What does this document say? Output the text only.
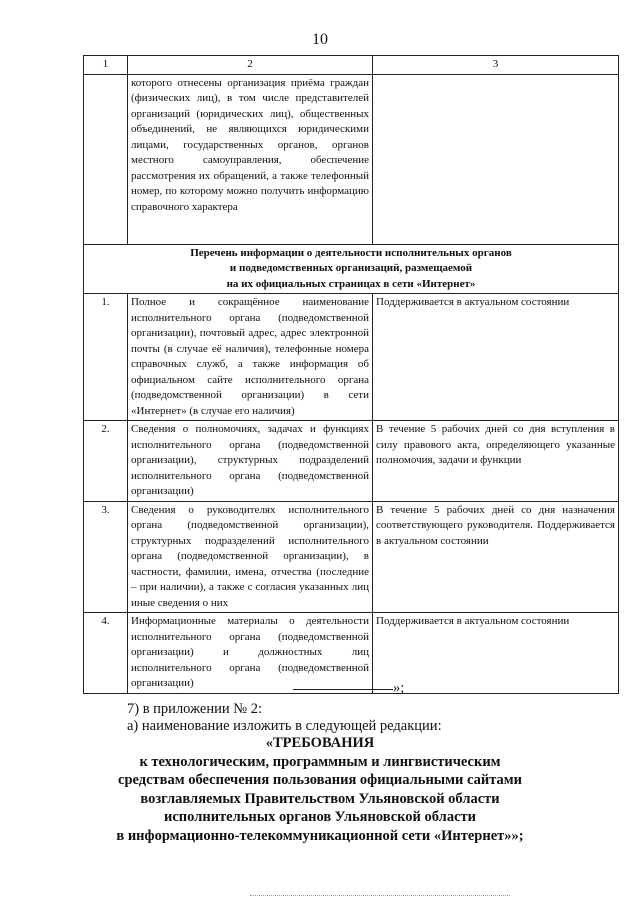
10
1	2	3
	которого отнесены организация приёма граждан (физических лиц), в том числе представителей организаций (юридических лиц), общественных объединений, не являющихся юридическими лицами, государственных органов, органов местного самоуправления, обеспечение рассмотрения их обращений, а также телефонный номер, по которому можно получить информацию справочного характера	

Перечень информации о деятельности исполнительных органов
и подведомственных организаций, размещаемой
на их официальных страницах в сети «Интернет»		

1.	Полное и сокращённое наименование исполнительного органа (подведомственной организации), почтовый адрес, адрес электронной почты (в случае её наличия), телефонные номера справочных служб, а также информация об официальном сайте исполнительного органа (подведомственной организации) в сети «Интернет» (в случае его наличия)	Поддерживается в актуальном состоянии
2.	Сведения о полномочиях, задачах и функциях исполнительного органа (подведомственной организации), структурных подразделений исполнительного органа (подведомственной организации)	В течение 5 рабочих дней со дня вступления в силу правового акта, определяющего указанные полномочия, задачи и функции
3.	Сведения о руководителях исполнительного органа (подведомственной организации), структурных подразделений исполнительного органа (подведомственной организации), в частности, фамилии, имена, отчества (последние – при наличии), а также с согласия указанных лиц иные сведения о них	В течение 5 рабочих дней со дня назначения соответствующего руководителя. Поддерживается в актуальном состоянии
4.	Информационные материалы о деятельности исполнительного органа (подведомственной организации) и должностных лиц исполнительного органа (подведомственной организации)	Поддерживается в актуальном состоянии
»;
7) в приложении № 2:
а) наименование изложить в следующей редакции:
«ТРЕБОВАНИЯ
к технологическим, программным и лингвистическим
средствам обеспечения пользования официальными сайтами
возглавляемых Правительством Ульяновской области
исполнительных органов Ульяновской области
в информационно-телекоммуникационной сети «Интернет»»;
